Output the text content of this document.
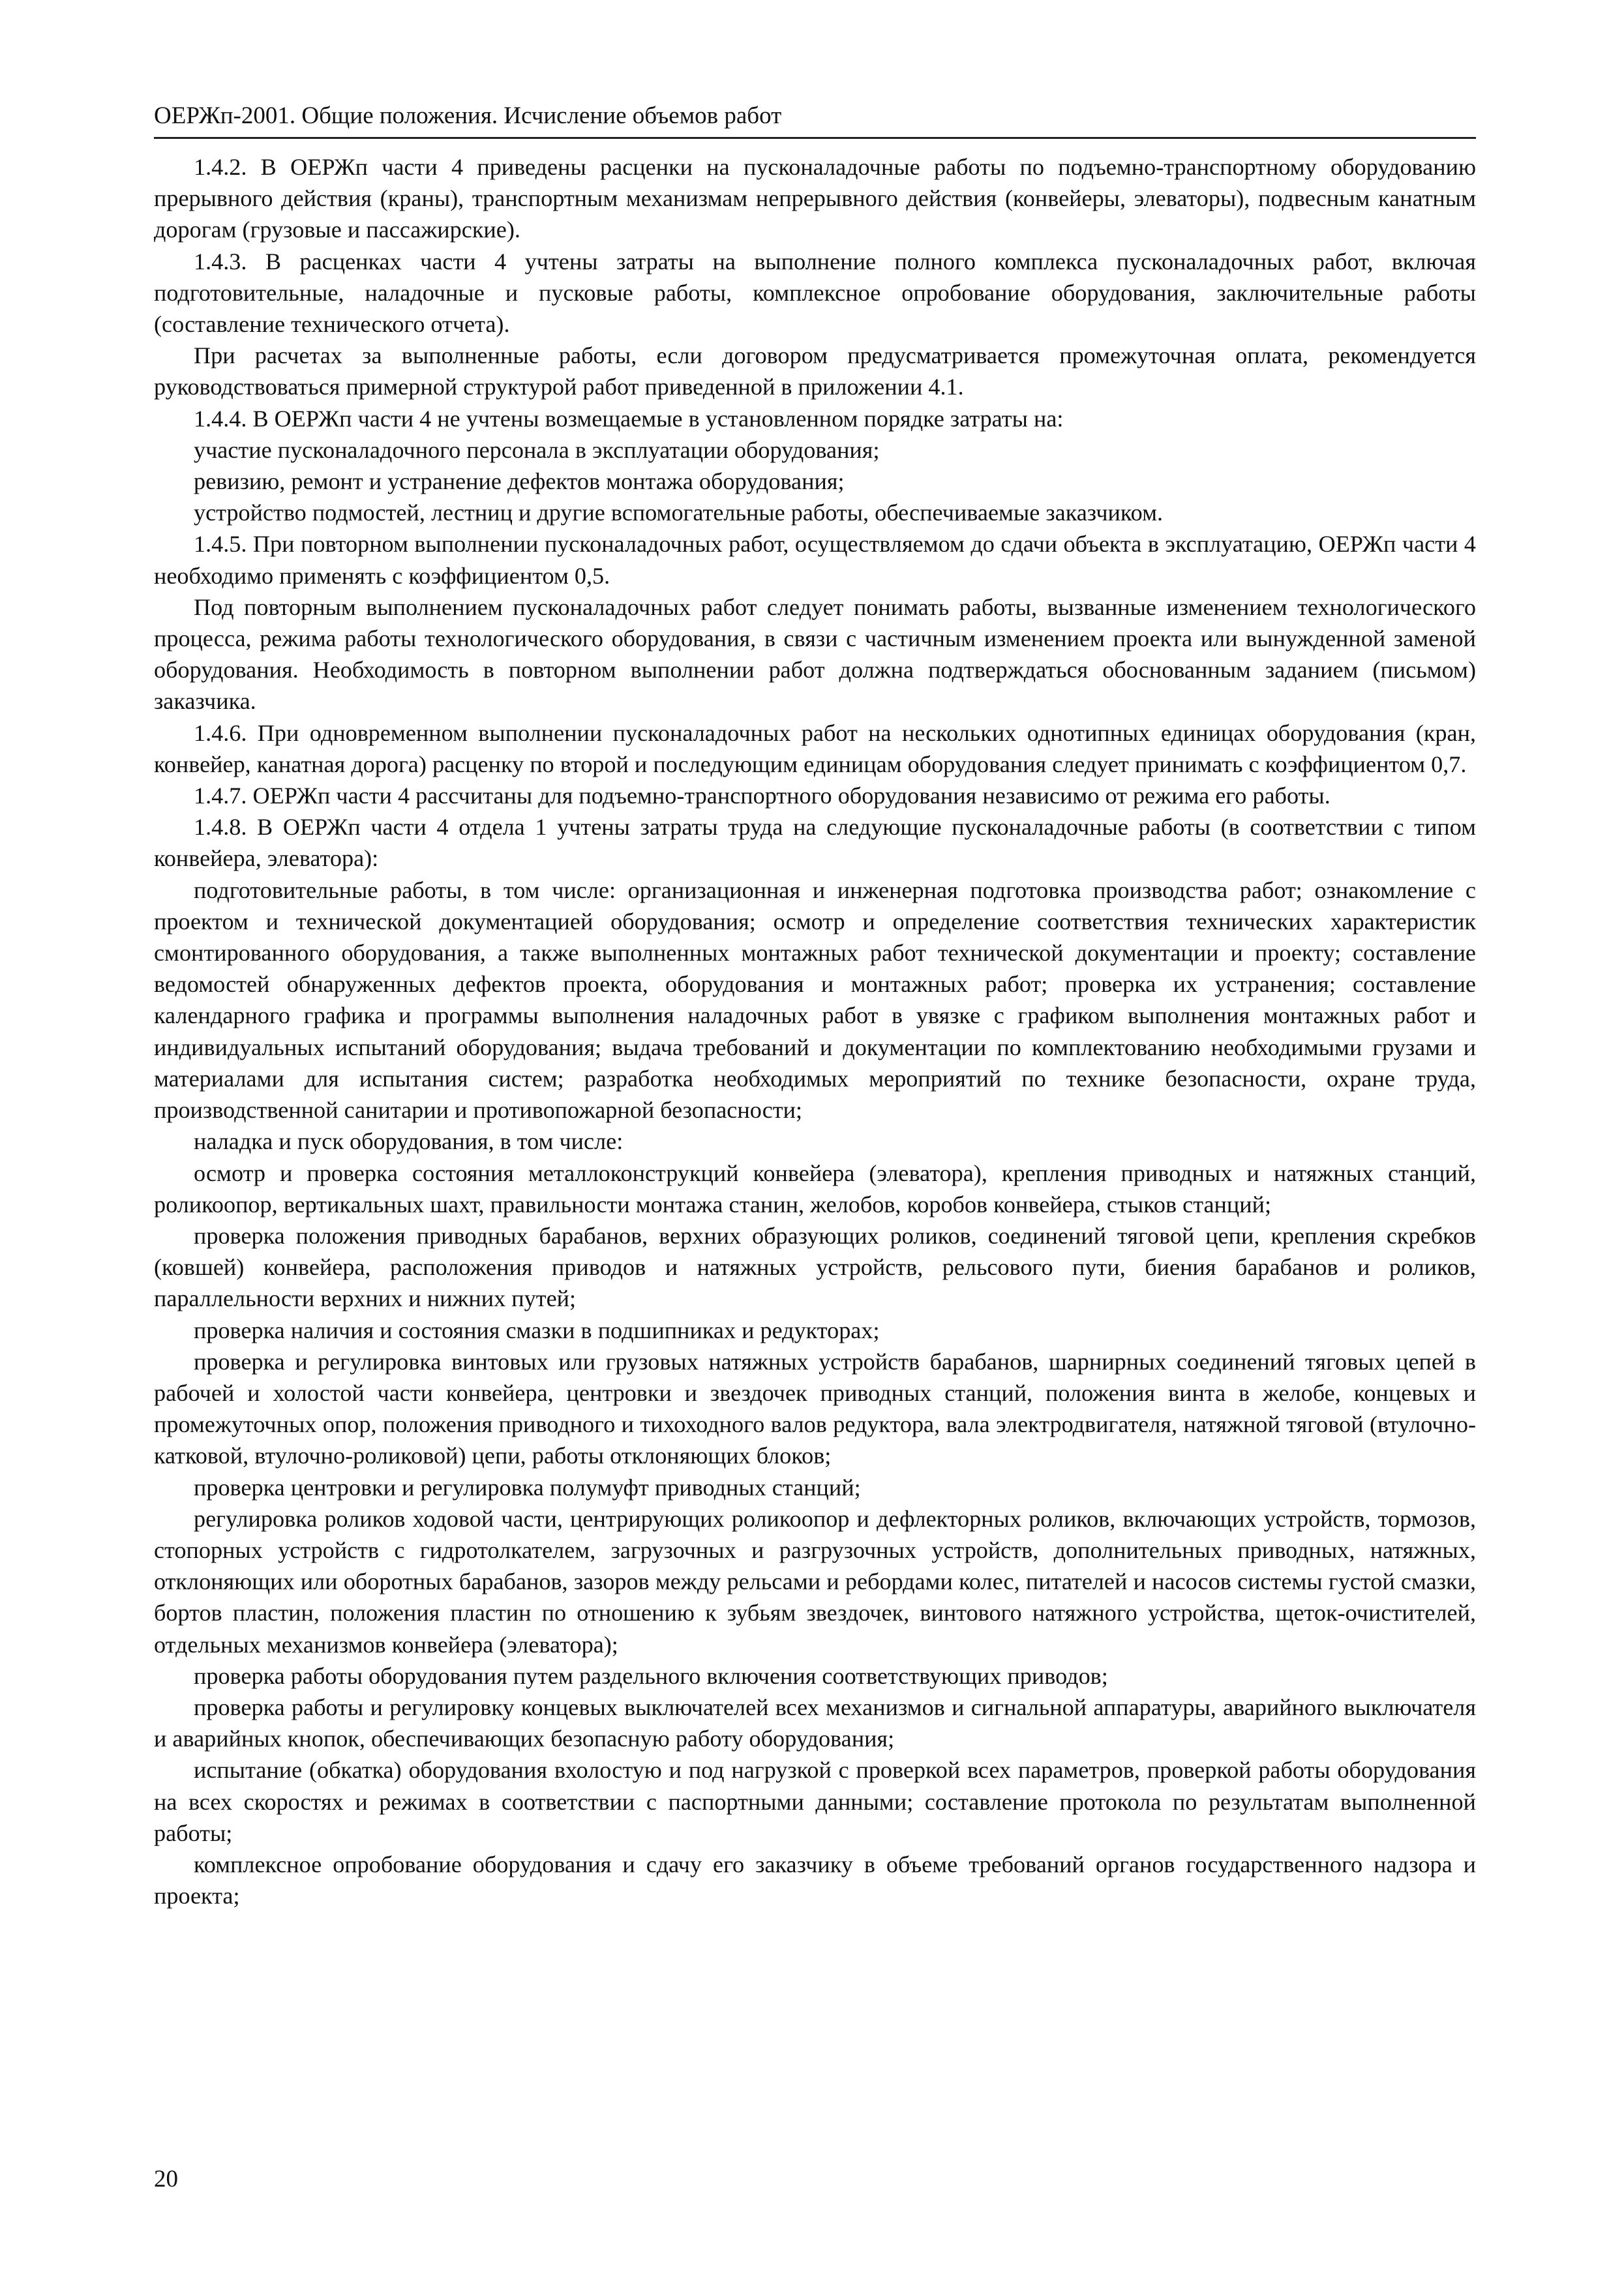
ОЕРЖп-2001. Общие положения. Исчисление объемов работ

1.4.2. В ОЕРЖп части 4 приведены расценки на пусконаладочные работы по подъемно-транспортному оборудованию прерывного действия (краны), транспортным механизмам непрерывного действия (конвейеры, элеваторы), подвесным канатным дорогам (грузовые и пассажирские).

1.4.3. В расценках части 4 учтены затраты на выполнение полного комплекса пусконаладочных работ, включая подготовительные, наладочные и пусковые работы, комплексное опробование оборудования, заключительные работы (составление технического отчета).

При расчетах за выполненные работы, если договором предусматривается промежуточная оплата, рекомендуется руководствоваться примерной структурой работ приведенной в приложении 4.1.

1.4.4. В ОЕРЖп части 4 не учтены возмещаемые в установленном порядке затраты на:

участие пусконаладочного персонала в эксплуатации оборудования;

ревизию, ремонт и устранение дефектов монтажа оборудования;

устройство подмостей, лестниц и другие вспомогательные работы, обеспечиваемые заказчиком.

1.4.5. При повторном выполнении пусконаладочных работ, осуществляемом до сдачи объекта в эксплуатацию, ОЕРЖп части 4 необходимо применять с коэффициентом 0,5.

Под повторным выполнением пусконаладочных работ следует понимать работы, вызванные изменением технологического процесса, режима работы технологического оборудования, в связи с частичным изменением проекта или вынужденной заменой оборудования. Необходимость в повторном выполнении работ должна подтверждаться обоснованным заданием (письмом) заказчика.

1.4.6. При одновременном выполнении пусконаладочных работ на нескольких однотипных единицах оборудования (кран, конвейер, канатная дорога) расценку по второй и последующим единицам оборудования следует принимать с коэффициентом 0,7.

1.4.7. ОЕРЖп части 4 рассчитаны для подъемно-транспортного оборудования независимо от режима его работы.

1.4.8. В ОЕРЖп части 4 отдела 1 учтены затраты труда на следующие пусконаладочные работы (в соответствии с типом конвейера, элеватора):

подготовительные работы, в том числе: организационная и инженерная подготовка производства работ; ознакомление с проектом и технической документацией оборудования; осмотр и определение соответствия технических характеристик смонтированного оборудования, а также выполненных монтажных работ технической документации и проекту; составление ведомостей обнаруженных дефектов проекта, оборудования и монтажных работ; проверка их устранения; составление календарного графика и программы выполнения наладочных работ в увязке с графиком выполнения монтажных работ и индивидуальных испытаний оборудования; выдача требований и документации по комплектованию необходимыми грузами и материалами для испытания систем; разработка необходимых мероприятий по технике безопасности, охране труда, производственной санитарии и противопожарной безопасности;

наладка и пуск оборудования, в том числе:

осмотр и проверка состояния металлоконструкций конвейера (элеватора), крепления приводных и натяжных станций, роликоопор, вертикальных шахт, правильности монтажа станин, желобов, коробов конвейера, стыков станций;

проверка положения приводных барабанов, верхних образующих роликов, соединений тяговой цепи, крепления скребков (ковшей) конвейера, расположения приводов и натяжных устройств, рельсового пути, биения барабанов и роликов, параллельности верхних и нижних путей;

проверка наличия и состояния смазки в подшипниках и редукторах;

проверка и регулировка винтовых или грузовых натяжных устройств барабанов, шарнирных соединений тяговых цепей в рабочей и холостой части конвейера, центровки и звездочек приводных станций, положения винта в желобе, концевых и промежуточных опор, положения приводного и тихоходного валов редуктора, вала электродвигателя, натяжной тяговой (втулочно-катковой, втулочно-роликовой) цепи, работы отклоняющих блоков;

проверка центровки и регулировка полумуфт приводных станций;

регулировка роликов ходовой части, центрирующих роликоопор и дефлекторных роликов, включающих устройств, тормозов, стопорных устройств с гидротолкателем, загрузочных и разгрузочных устройств, дополнительных приводных, натяжных, отклоняющих или оборотных барабанов, зазоров между рельсами и ребордами колес, питателей и насосов системы густой смазки, бортов пластин, положения пластин по отношению к зубьям звездочек, винтового натяжного устройства, щеток-очистителей, отдельных механизмов конвейера (элеватора);

проверка работы оборудования путем раздельного включения соответствующих приводов;

проверка работы и регулировку концевых выключателей всех механизмов и сигнальной аппаратуры, аварийного выключателя и аварийных кнопок, обеспечивающих безопасную работу оборудования;

испытание (обкатка) оборудования вхолостую и под нагрузкой с проверкой всех параметров, проверкой работы оборудования на всех скоростях и режимах в соответствии с паспортными данными; составление протокола по результатам выполненной работы;

комплексное опробование оборудования и сдачу его заказчику в объеме требований органов государственного надзора и проекта;

20
